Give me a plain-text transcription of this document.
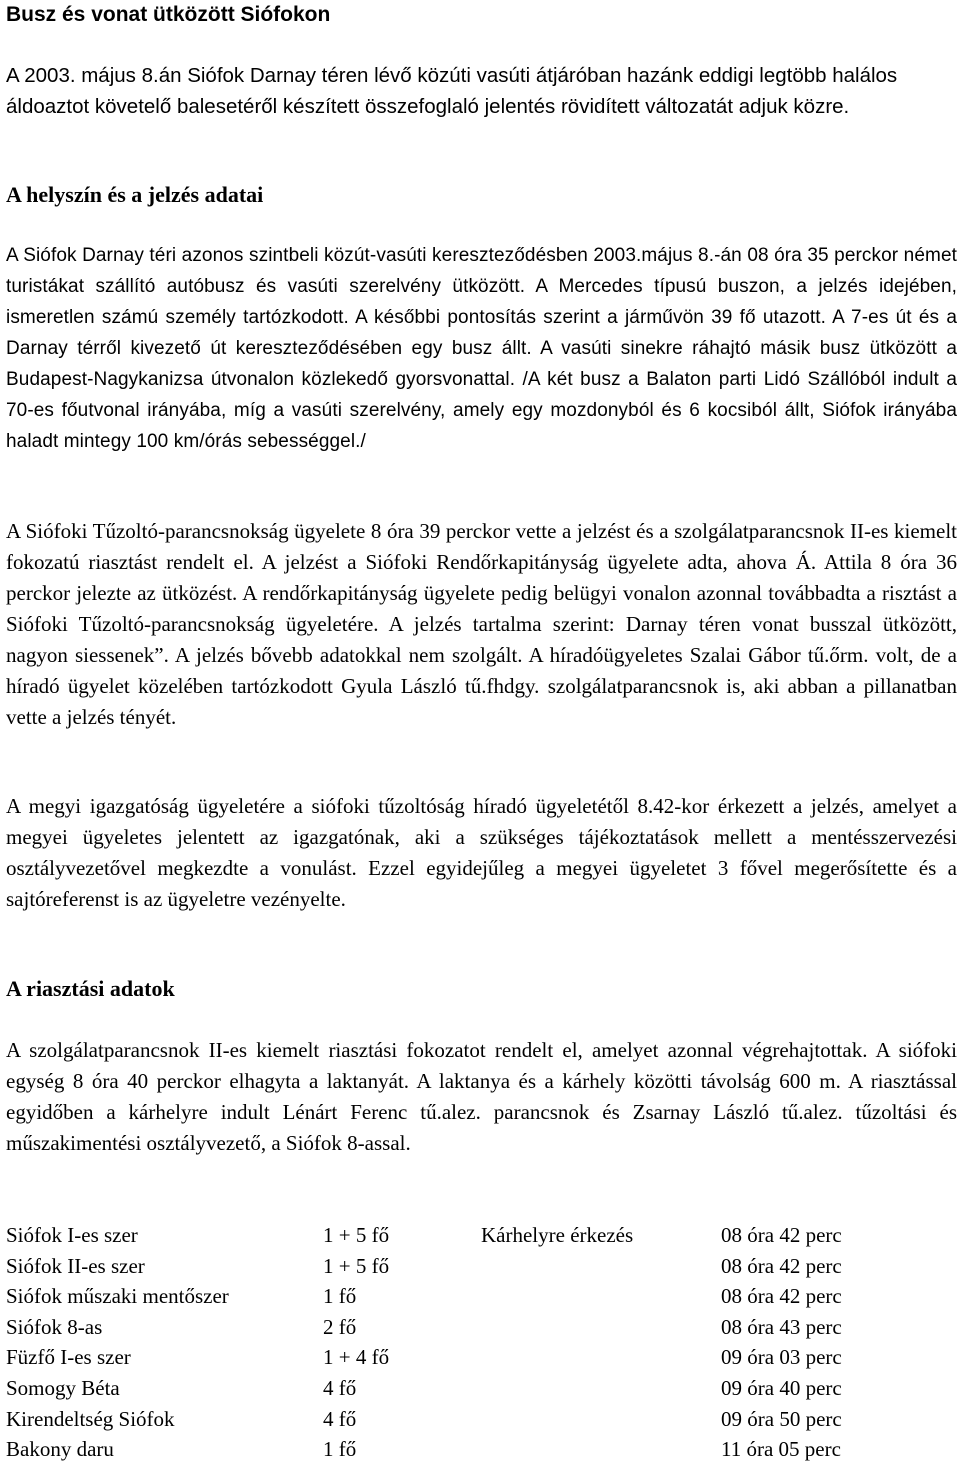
Busz és vonat ütközött Siófokon
A 2003. május 8.án Siófok Darnay téren lévő közúti vasúti átjáróban hazánk eddigi legtöbb halálos áldoaztot követelő balesetéről készített összefoglaló jelentés rövidített változatát adjuk közre.
A helyszín és a jelzés adatai
A Siófok Darnay téri azonos szintbeli közút-vasúti kereszteződésben 2003.május 8.-án 08 óra 35 perckor német turistákat szállító autóbusz és vasúti szerelvény ütközött. A Mercedes típusú buszon, a jelzés idejében, ismeretlen számú személy tartózkodott. A későbbi pontosítás szerint a járművön 39 fő utazott. A 7-es út és a Darnay térről kivezető út kereszteződésében egy busz állt. A vasúti sinekre ráhajtó másik busz ütközött a Budapest-Nagykanizsa útvonalon közlekedő gyorsvonattal. /A két busz a Balaton parti Lidó Szállóból indult a 70-es főutvonal irányába, míg a vasúti szerelvény, amely egy mozdonyból és 6 kocsiból állt, Siófok irányába haladt mintegy 100 km/órás sebességgel./
A Siófoki Tűzoltó-parancsnokság ügyelete 8 óra 39 perckor vette a jelzést és a szolgálatparancsnok II-es kiemelt fokozatú riasztást rendelt el. A jelzést a Siófoki Rendőrkapitányság ügyelete adta, ahova Á. Attila 8 óra 36 perckor jelezte az ütközést. A rendőrkapitányság ügyelete pedig belügyi vonalon azonnal továbbadta a risztást a Siófoki Tűzoltó-parancsnokság ügyeletére. A jelzés tartalma szerint: Darnay téren vonat busszal ütközött, nagyon siessenek”. A jelzés bővebb adatokkal nem szolgált. A híradóügyeletes Szalai Gábor tű.őrm. volt, de a híradó ügyelet közelében tartózkodott Gyula László tű.fhdgy. szolgálatparancsnok is, aki abban a pillanatban vette a jelzés tényét.
A megyi igazgatóság ügyeletére a siófoki tűzoltóság híradó ügyeletétől 8.42-kor érkezett a jelzés, amelyet a megyei ügyeletes jelentett az igazgatónak, aki a szükséges tájékoztatások mellett a mentésszervezési osztályvezetővel megkezdte a vonulást. Ezzel egyidejűleg a megyei ügyeletet 3 fővel megerősítette és a sajtóreferenst is az ügyeletre vezényelte.
A riasztási adatok
A szolgálatparancsnok II-es kiemelt riasztási fokozatot rendelt el, amelyet azonnal végrehajtottak. A siófoki egység 8 óra 40 perckor elhagyta a laktanyát. A laktanya és a kárhely közötti távolság 600 m. A riasztással egyidőben a kárhelyre indult Lénárt Ferenc tű.alez. parancsnok és Zsarnay László tű.alez. tűzoltási és műszakimentési osztályvezető, a Siófok 8-assal.
Siófok I-es szer	1 + 5 fő	Kárhelyre érkezés	08 óra 42 perc
Siófok II-es szer	1 + 5 fő		08 óra 42 perc
Siófok műszaki mentőszer	1 fő		08 óra 42 perc
Siófok 8-as	2 fő		08 óra 43 perc
Füzfő I-es szer	1 + 4 fő		09 óra 03 perc
Somogy Béta	4 fő		09 óra 40 perc
Kirendeltség Siófok	4 fő		09 óra 50 perc
Bakony daru	1 fő		11 óra 05 perc
